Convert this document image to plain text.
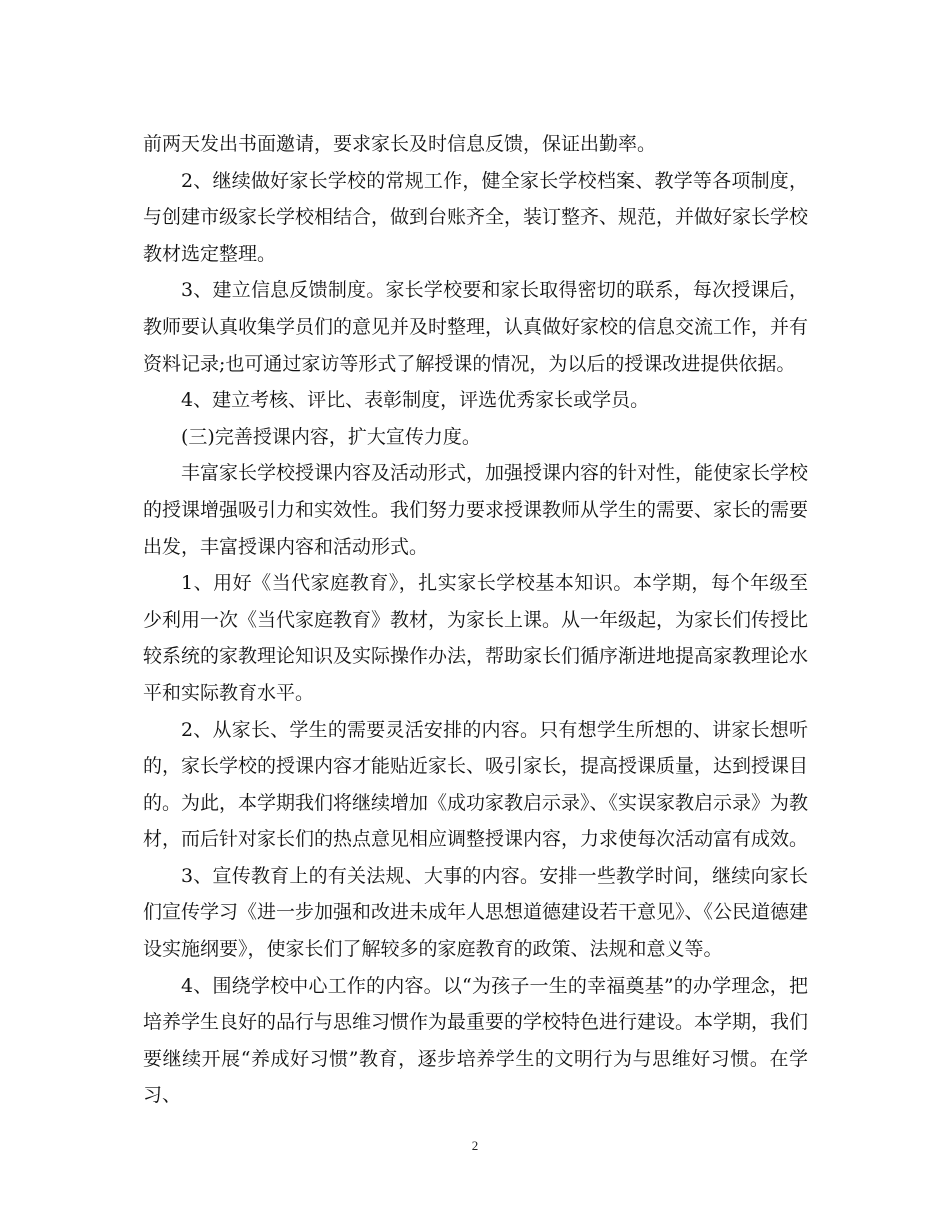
前两天发出书面邀请，要求家长及时信息反馈，保证出勤率。

2、继续做好家长学校的常规工作，健全家长学校档案、教学等各项制度，与创建市级家长学校相结合，做到台账齐全，装订整齐、规范，并做好家长学校教材选定整理。

3、建立信息反馈制度。家长学校要和家长取得密切的联系，每次授课后，教师要认真收集学员们的意见并及时整理，认真做好家校的信息交流工作，并有资料记录;也可通过家访等形式了解授课的情况，为以后的授课改进提供依据。

4、建立考核、评比、表彰制度，评选优秀家长或学员。

(三)完善授课内容，扩大宣传力度。

丰富家长学校授课内容及活动形式，加强授课内容的针对性，能使家长学校的授课增强吸引力和实效性。我们努力要求授课教师从学生的需要、家长的需要出发，丰富授课内容和活动形式。

1、用好《当代家庭教育》，扎实家长学校基本知识。本学期，每个年级至少利用一次《当代家庭教育》教材，为家长上课。从一年级起，为家长们传授比较系统的家教理论知识及实际操作办法，帮助家长们循序渐进地提高家教理论水平和实际教育水平。

2、从家长、学生的需要灵活安排的内容。只有想学生所想的、讲家长想听的，家长学校的授课内容才能贴近家长、吸引家长，提高授课质量，达到授课目的。为此，本学期我们将继续增加《成功家教启示录》、《实误家教启示录》为教材，而后针对家长们的热点意见相应调整授课内容，力求使每次活动富有成效。

3、宣传教育上的有关法规、大事的内容。安排一些教学时间，继续向家长们宣传学习《进一步加强和改进未成年人思想道德建设若干意见》、《公民道德建设实施纲要》，使家长们了解较多的家庭教育的政策、法规和意义等。

4、围绕学校中心工作的内容。以“为孩子一生的幸福奠基”的办学理念，把培养学生良好的品行与思维习惯作为最重要的学校特色进行建设。本学期，我们要继续开展“养成好习惯”教育，逐步培养学生的文明行为与思维好习惯。在学习、

2
